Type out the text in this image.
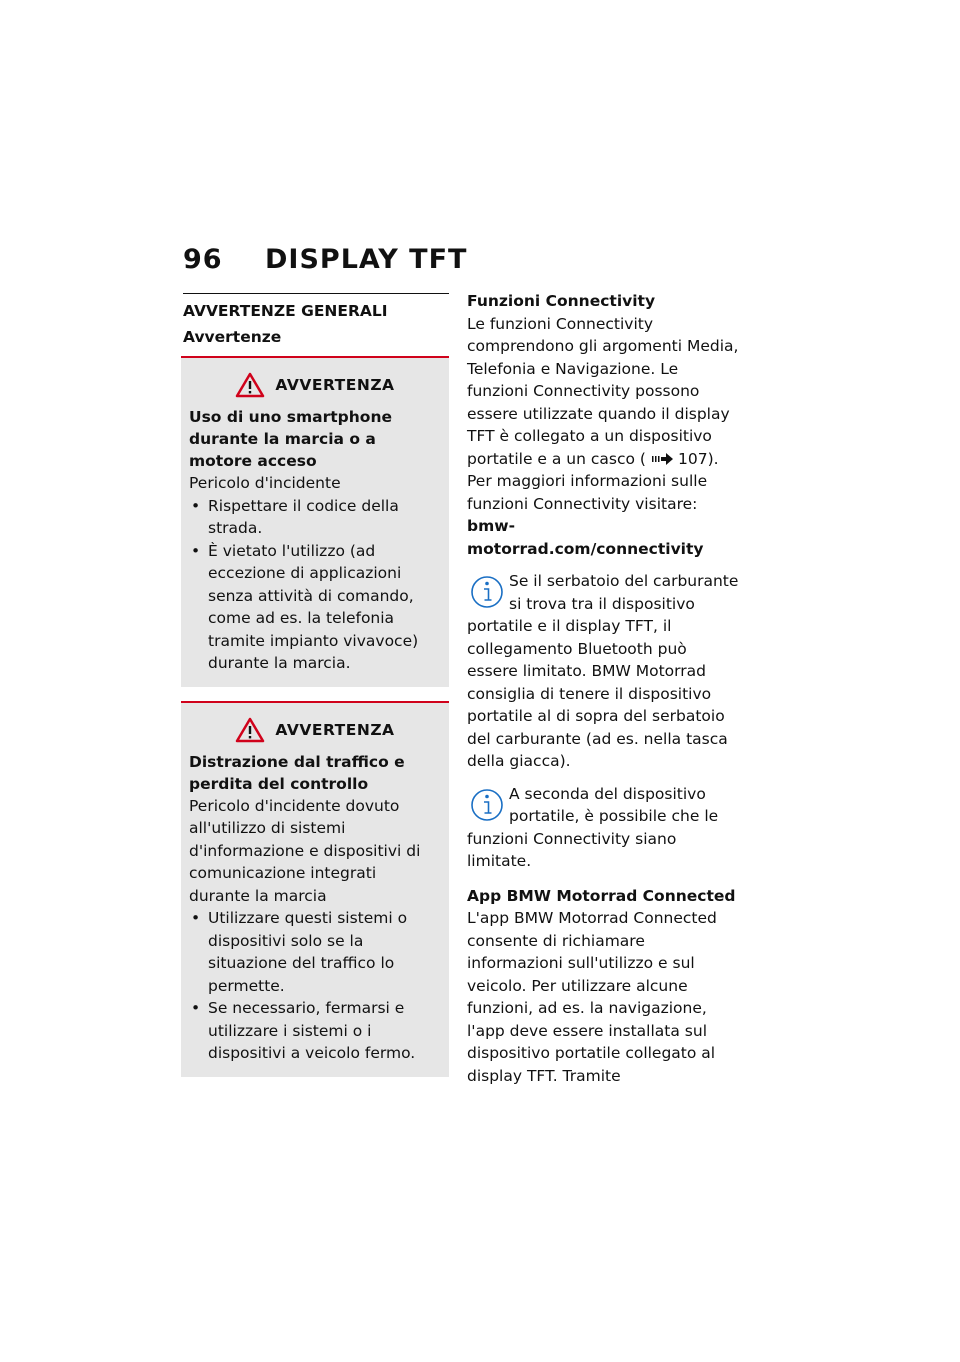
96 DISPLAY TFT
AVVERTENZE GENERALI
Avvertenze
AVVERTENZA
Uso di uno smartphone durante la marcia o a motore acceso
Pericolo d'incidente
• Rispettare il codice della strada.
• È vietato l'utilizzo (ad eccezione di applicazioni senza attività di comando, come ad es. la telefonia tramite impianto vivavoce) durante la marcia.
AVVERTENZA
Distrazione dal traffico e perdita del controllo
Pericolo d'incidente dovuto all'utilizzo di sistemi d'informazione e dispositivi di comunicazione integrati durante la marcia
• Utilizzare questi sistemi o dispositivi solo se la situazione del traffico lo permette.
• Se necessario, fermarsi e utilizzare i sistemi o i dispositivi a veicolo fermo.
Funzioni Connectivity
Le funzioni Connectivity comprendono gli argomenti Media, Telefonia e Navigazione. Le funzioni Connectivity possono essere utilizzate quando il display TFT è collegato a un dispositivo portatile e a un casco ( 107). Per maggiori informazioni sulle funzioni Connectivity visitare: bmw-motorrad.com/connectivity
Se il serbatoio del carburante si trova tra il dispositivo portatile e il display TFT, il collegamento Bluetooth può essere limitato. BMW Motorrad consiglia di tenere il dispositivo portatile al di sopra del serbatoio del carburante (ad es. nella tasca della giacca).
A seconda del dispositivo portatile, è possibile che le funzioni Connectivity siano limitate.
App BMW Motorrad Connected
L'app BMW Motorrad Connected consente di richiamare informazioni sull'utilizzo e sul veicolo. Per utilizzare alcune funzioni, ad es. la navigazione, l'app deve essere installata sul dispositivo portatile collegato al display TFT. Tramite
